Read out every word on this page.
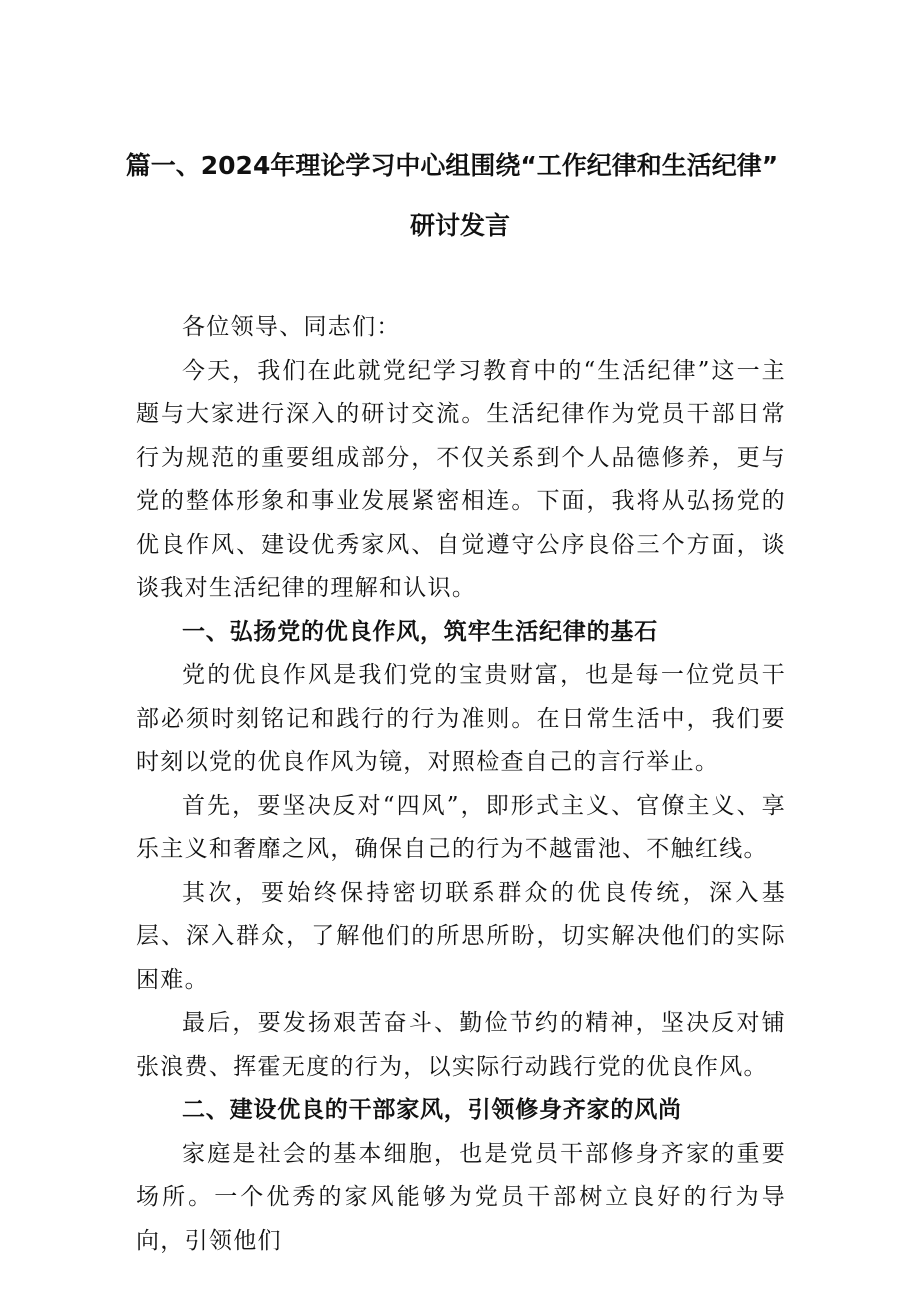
篇一、2024年理论学习中心组围绕“工作纪律和生活纪律”
研讨发言

各位领导、同志们：

今天，我们在此就党纪学习教育中的“生活纪律”这一主题与大家进行深入的研讨交流。生活纪律作为党员干部日常行为规范的重要组成部分，不仅关系到个人品德修养，更与党的整体形象和事业发展紧密相连。下面，我将从弘扬党的优良作风、建设优秀家风、自觉遵守公序良俗三个方面，谈谈我对生活纪律的理解和认识。

一、弘扬党的优良作风，筑牢生活纪律的基石

党的优良作风是我们党的宝贵财富，也是每一位党员干部必须时刻铭记和践行的行为准则。在日常生活中，我们要时刻以党的优良作风为镜，对照检查自己的言行举止。

首先，要坚决反对“四风”，即形式主义、官僚主义、享乐主义和奢靡之风，确保自己的行为不越雷池、不触红线。

其次，要始终保持密切联系群众的优良传统，深入基层、深入群众，了解他们的所思所盼，切实解决他们的实际困难。

最后，要发扬艰苦奋斗、勤俭节约的精神，坚决反对铺张浪费、挥霍无度的行为，以实际行动践行党的优良作风。

二、建设优良的干部家风，引领修身齐家的风尚

家庭是社会的基本细胞，也是党员干部修身齐家的重要场所。一个优秀的家风能够为党员干部树立良好的行为导向，引领他们
